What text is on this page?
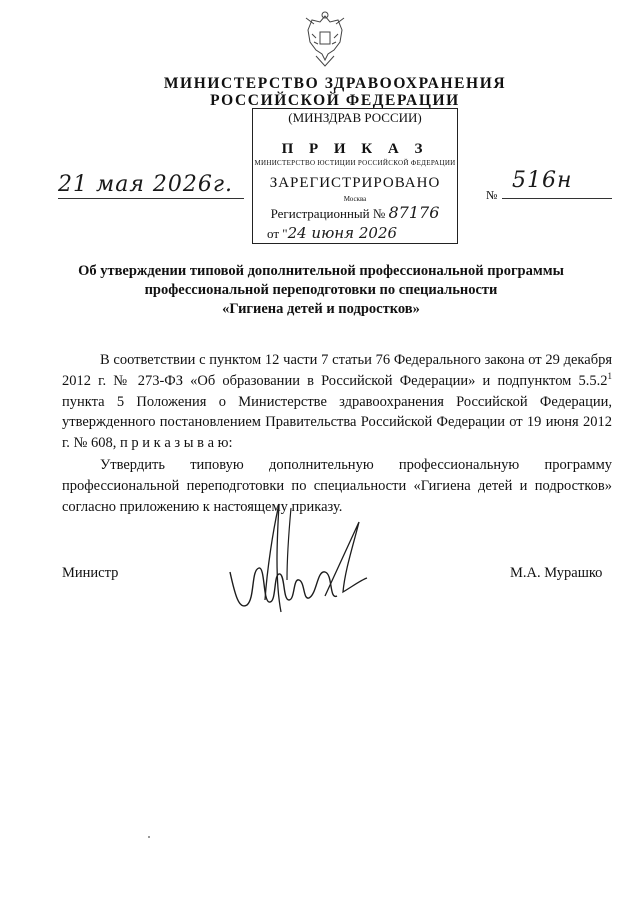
МИНИСТЕРСТВО ЗДРАВООХРАНЕНИЯ
РОССИЙСКОЙ ФЕДЕРАЦИИ
(МИНЗДРАВ РОССИИ)
П Р И К А З
МИНИСТЕРСТВО ЮСТИЦИИ РОССИЙСКОЙ ФЕДЕРАЦИИ
ЗАРЕГИСТРИРОВАНО
Москва
Регистрационный № 87176
от "24 июня 2026
21 мая 2026г.	№
516н
Об утверждении типовой дополнительной профессиональной программы
профессиональной переподготовки по специальности
«Гигиена детей и подростков»
В соответствии с пунктом 12 части 7 статьи 76 Федерального закона от 29 декабря 2012 г. № 273-ФЗ «Об образовании в Российской Федерации» и подпунктом 5.5.2$^1$ пункта 5 Положения о Министерстве здравоохранения Российской Федерации, утвержденного постановлением Правительства Российской Федерации от 19 июня 2012 г. № 608, п р и к а з ы в а ю:
Утвердить типовую дополнительную профессиональную программу профессиональной переподготовки по специальности «Гигиена детей и подростков» согласно приложению к настоящему приказу.
Министр	М.А. Мурашко
